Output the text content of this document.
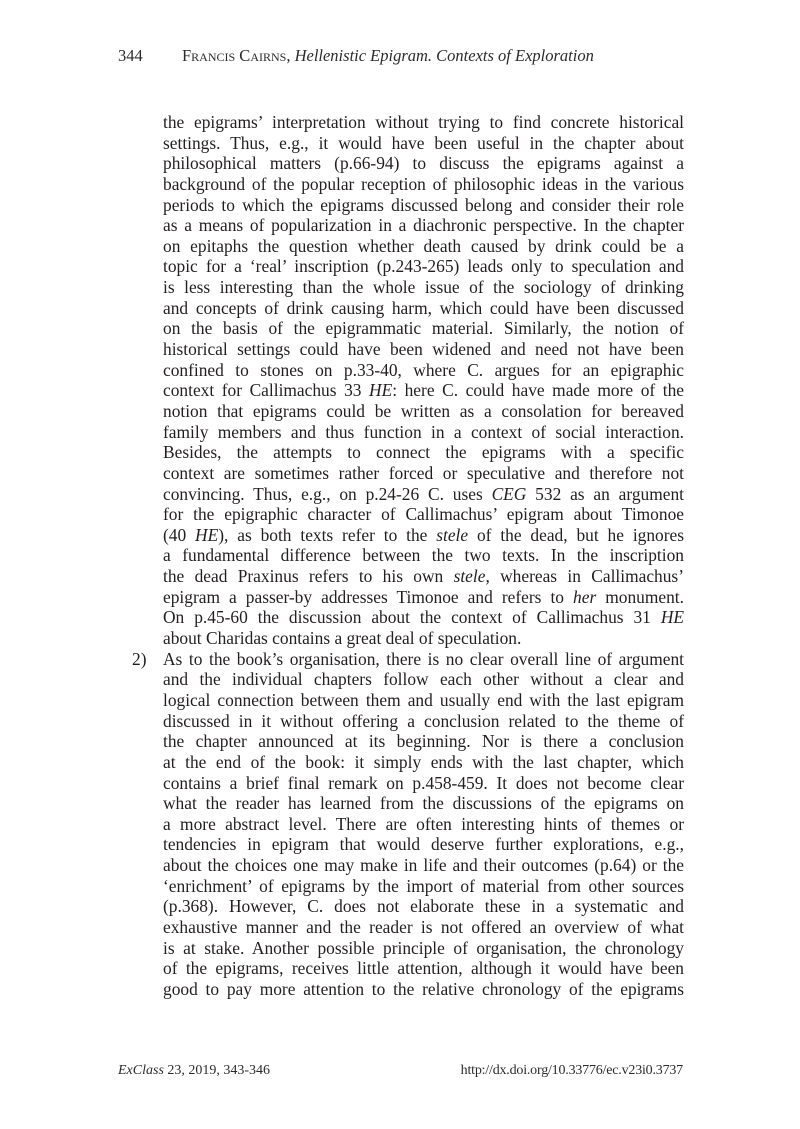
344 Francis Cairns, Hellenistic Epigram. Contexts of Exploration
the epigrams’ interpretation without trying to find concrete historical
settings. Thus, e.g., it would have been useful in the chapter about
philosophical matters (p.66-94) to discuss the epigrams against a
background of the popular reception of philosophic ideas in the various
periods to which the epigrams discussed belong and consider their role
as a means of popularization in a diachronic perspective. In the chapter
on epitaphs the question whether death caused by drink could be a
topic for a ‘real’ inscription (p.243-265) leads only to speculation and
is less interesting than the whole issue of the sociology of drinking
and concepts of drink causing harm, which could have been discussed
on the basis of the epigrammatic material. Similarly, the notion of
historical settings could have been widened and need not have been
confined to stones on p.33-40, where C. argues for an epigraphic
context for Callimachus 33 HE: here C. could have made more of the
notion that epigrams could be written as a consolation for bereaved
family members and thus function in a context of social interaction.
Besides, the attempts to connect the epigrams with a specific
context are sometimes rather forced or speculative and therefore not
convincing. Thus, e.g., on p.24-26 C. uses CEG 532 as an argument
for the epigraphic character of Callimachus’ epigram about Timonoe
(40 HE), as both texts refer to the stele of the dead, but he ignores
a fundamental difference between the two texts. In the inscription
the dead Praxinus refers to his own stele, whereas in Callimachus’
epigram a passer-by addresses Timonoe and refers to her monument.
On p.45-60 the discussion about the context of Callimachus 31 HE
about Charidas contains a great deal of speculation.
2) As to the book’s organisation, there is no clear overall line of argument
and the individual chapters follow each other without a clear and
logical connection between them and usually end with the last epigram
discussed in it without offering a conclusion related to the theme of
the chapter announced at its beginning. Nor is there a conclusion
at the end of the book: it simply ends with the last chapter, which
contains a brief final remark on p.458-459. It does not become clear
what the reader has learned from the discussions of the epigrams on
a more abstract level. There are often interesting hints of themes or
tendencies in epigram that would deserve further explorations, e.g.,
about the choices one may make in life and their outcomes (p.64) or the
‘enrichment’ of epigrams by the import of material from other sources
(p.368). However, C. does not elaborate these in a systematic and
exhaustive manner and the reader is not offered an overview of what
is at stake. Another possible principle of organisation, the chronology
of the epigrams, receives little attention, although it would have been
good to pay more attention to the relative chronology of the epigrams
ExClass 23, 2019, 343-346	http://dx.doi.org/10.33776/ec.v23i0.3737
